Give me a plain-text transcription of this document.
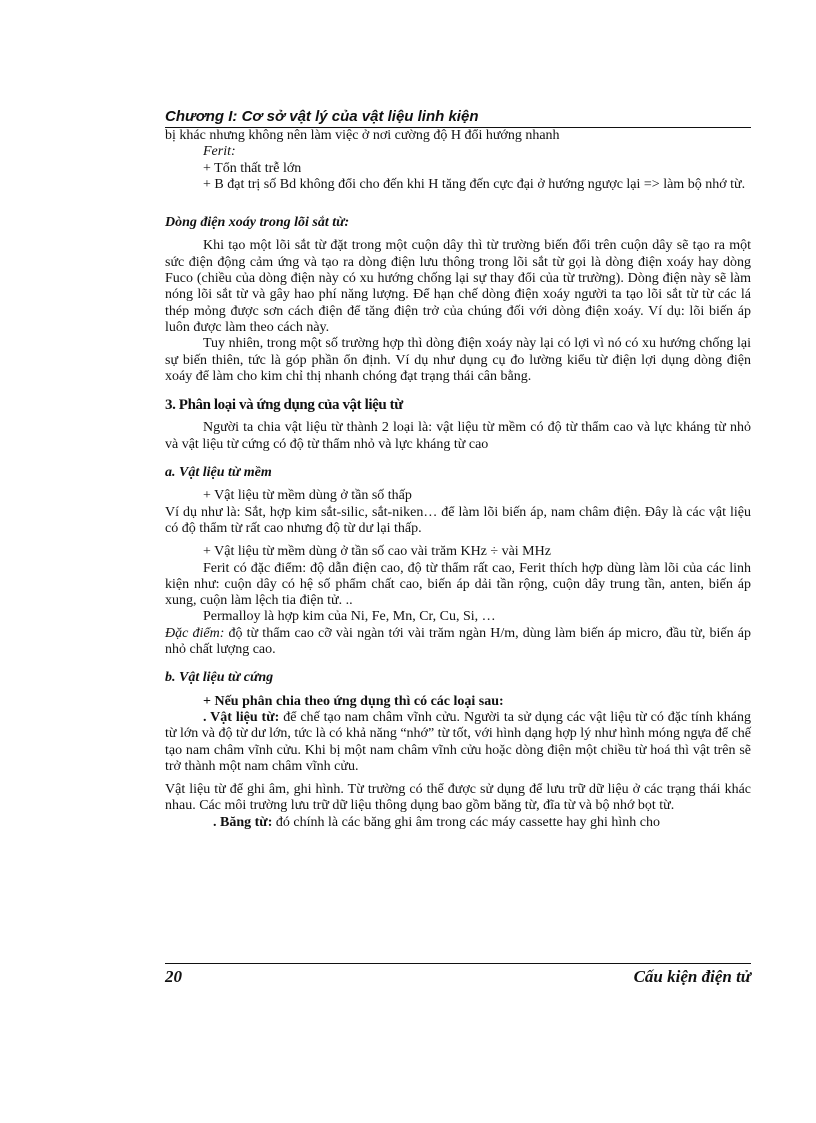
Chương I: Cơ sở vật lý của vật liệu linh kiện

bị khác nhưng không nên làm việc ở nơi cường độ H đổi hướng nhanh

Ferit:

+ Tổn thất trễ lớn

+ B đạt trị số Bd không đổi cho đến khi H tăng đến cực đại ở hướng ngược lại => làm bộ nhớ từ.

Dòng điện xoáy trong lõi sắt từ:

Khi tạo một lõi sắt từ đặt trong một cuộn dây thì từ trường biến đổi trên cuộn dây sẽ tạo ra một sức điện động cảm ứng và tạo ra dòng điện lưu thông trong lõi sắt từ gọi là dòng điện xoáy hay dòng Fuco (chiều của dòng điện này có xu hướng chống lại sự thay đổi của từ trường). Dòng điện này sẽ làm nóng lõi sắt từ và gây hao phí năng lượng. Để hạn chế dòng điện xoáy người ta tạo lõi sắt từ từ các lá thép mỏng được sơn cách điện để tăng điện trở của chúng đối với dòng điện xoáy. Ví dụ: lõi biến áp luôn được làm theo cách này.

Tuy nhiên, trong một số trường hợp thì dòng điện xoáy này lại có lợi vì nó có xu hướng chống lại sự biến thiên, tức là góp phần ổn định. Ví dụ như dụng cụ đo lường kiểu từ điện lợi dụng dòng điện xoáy để làm cho kim chỉ thị nhanh chóng đạt trạng thái cân bằng.

3. Phân loại và ứng dụng của vật liệu từ

Người ta chia vật liệu từ thành 2 loại là: vật liệu từ mềm có độ từ thẩm cao và lực kháng từ nhỏ và vật liệu từ cứng có độ từ thẩm nhỏ và lực kháng từ cao

a. Vật liệu từ mềm

+ Vật liệu từ mềm dùng ở tần số thấp

Ví dụ như là: Sắt, hợp kim sắt-silic, sắt-niken… để làm lõi biến áp, nam châm điện. Đây là các vật liệu có độ thẩm từ rất cao nhưng độ từ dư lại thấp.

+ Vật liệu từ mềm dùng ở tần số cao vài trăm KHz ÷ vài MHz

Ferit có đặc điểm: độ dẫn điện cao, độ từ thẩm rất cao, Ferit thích hợp dùng làm lõi của các linh kiện như: cuộn dây có hệ số phẩm chất cao, biến áp dải tần rộng, cuộn dây trung tần, anten, biến áp xung, cuộn làm lệch tia điện tử. ..

Permalloy là hợp kim của Ni, Fe, Mn, Cr, Cu, Si, …

Đặc điểm: độ từ thẩm cao cỡ vài ngàn tới vài trăm ngàn H/m, dùng làm biến áp micro, đầu từ, biến áp nhỏ chất lượng cao.

b. Vật liệu từ cứng

+ Nếu phân chia theo ứng dụng thì có các loại sau:

. Vật liệu từ: để chế tạo nam châm vĩnh cửu. Người ta sử dụng các vật liệu từ có đặc tính kháng từ lớn và độ từ dư lớn, tức là có khả năng “nhớ” từ tốt, với hình dạng hợp lý như hình móng ngựa để chế tạo nam châm vĩnh cửu. Khi bị một nam châm vĩnh cửu hoặc dòng điện một chiều từ hoá thì vật trên sẽ trở thành một nam châm vĩnh cửu.

Vật liệu từ để ghi âm, ghi hình. Từ trường có thể được sử dụng để lưu trữ dữ liệu ở các trạng thái khác nhau. Các môi trường lưu trữ dữ liệu thông dụng bao gồm băng từ, đĩa từ và bộ nhớ bọt từ.

. Băng từ: đó chính là các băng ghi âm trong các máy cassette hay ghi hình cho

20	Cấu kiện điện tử
